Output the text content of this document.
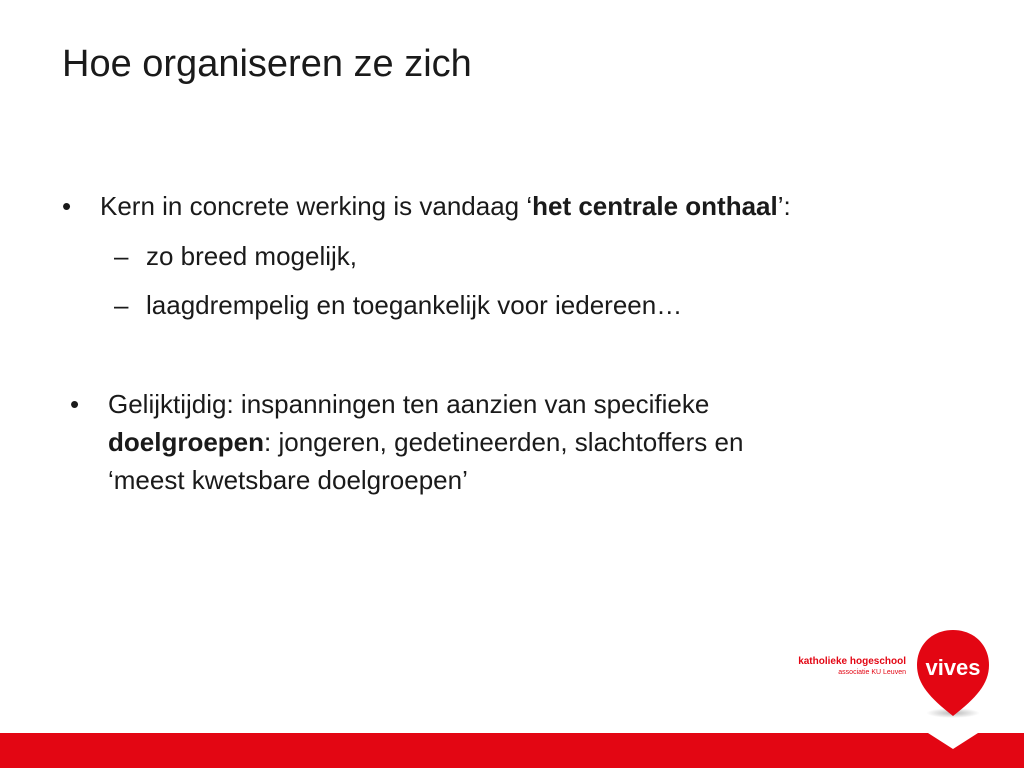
Hoe organiseren ze zich
•	Kern in concrete werking is vandaag ‘het centrale onthaal’:
– zo breed mogelijk,
– laagdrempelig en toegankelijk voor iedereen…
•	Gelijktijdig: inspanningen ten aanzien van specifieke
doelgroepen: jongeren, gedetineerden, slachtoffers en
‘meest kwetsbare doelgroepen’
katholieke hogeschool
associatie KU Leuven vives
